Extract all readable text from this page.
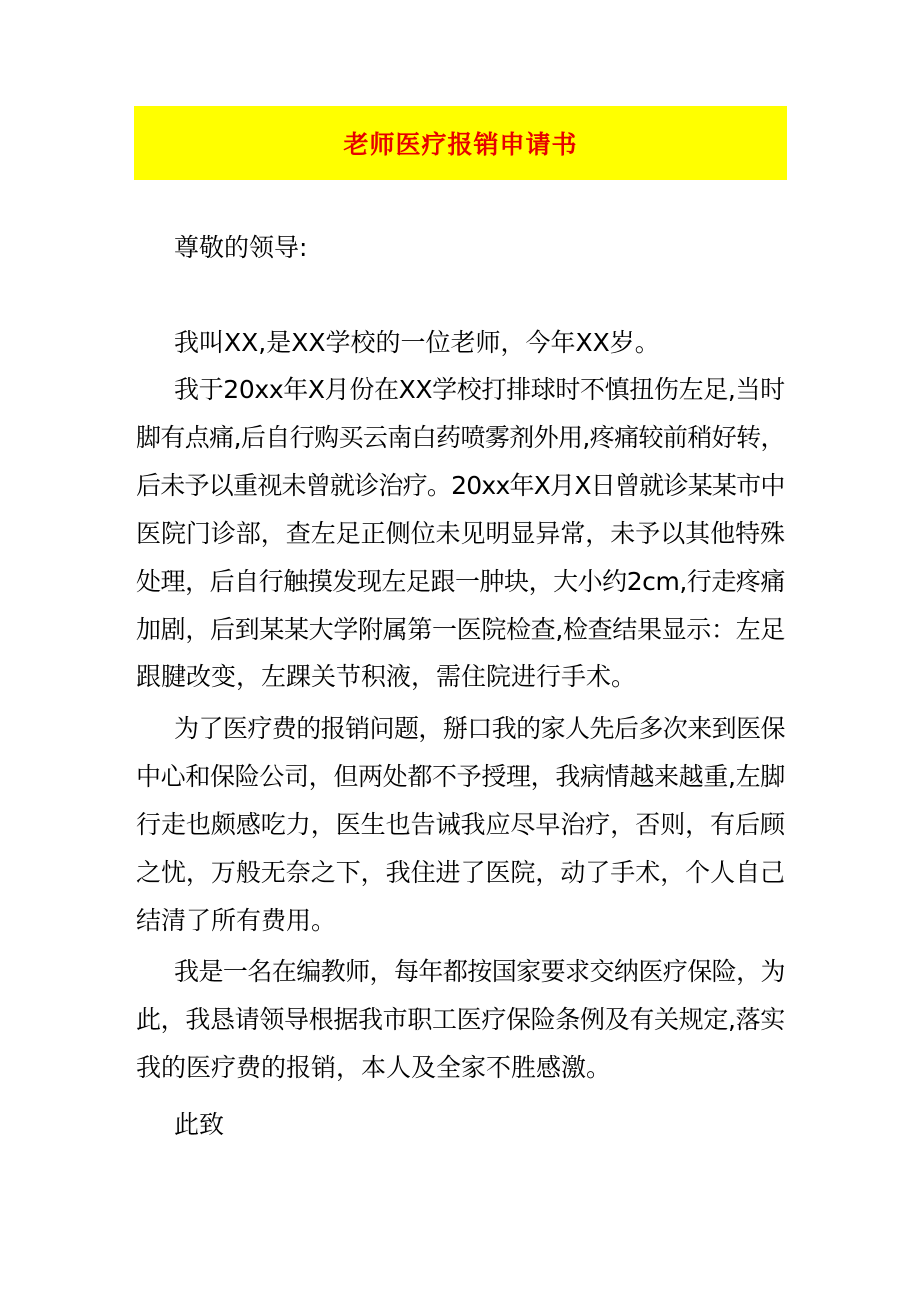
老师医疗报销申请书
尊敬的领导:
我叫XX,是XX学校的一位老师，今年XX岁。
我于20xx年X月份在XX学校打排球时不慎扭伤左足,当时
脚有点痛,后自行购买云南白药喷雾剂外用,疼痛较前稍好转，
后未予以重视未曾就诊治疗。20xx年X月X日曾就诊某某市中
医院门诊部，查左足正侧位未见明显异常，未予以其他特殊
处理，后自行触摸发现左足跟一肿块，大小约2cm,行走疼痛
加剧，后到某某大学附属第一医院检查,检查结果显示：左足
跟腱改变，左踝关节积液，需住院进行手术。
为了医疗费的报销问题，掰口我的家人先后多次来到医保
中心和保险公司，但两处都不予授理，我病情越来越重,左脚
行走也颇感吃力，医生也告诫我应尽早治疗，否则，有后顾
之忧，万般无奈之下，我住进了医院，动了手术，个人自己
结清了所有费用。
我是一名在编教师，每年都按国家要求交纳医疗保险，为
此，我恳请领导根据我市职工医疗保险条例及有关规定,落实
我的医疗费的报销，本人及全家不胜感激。
此致
